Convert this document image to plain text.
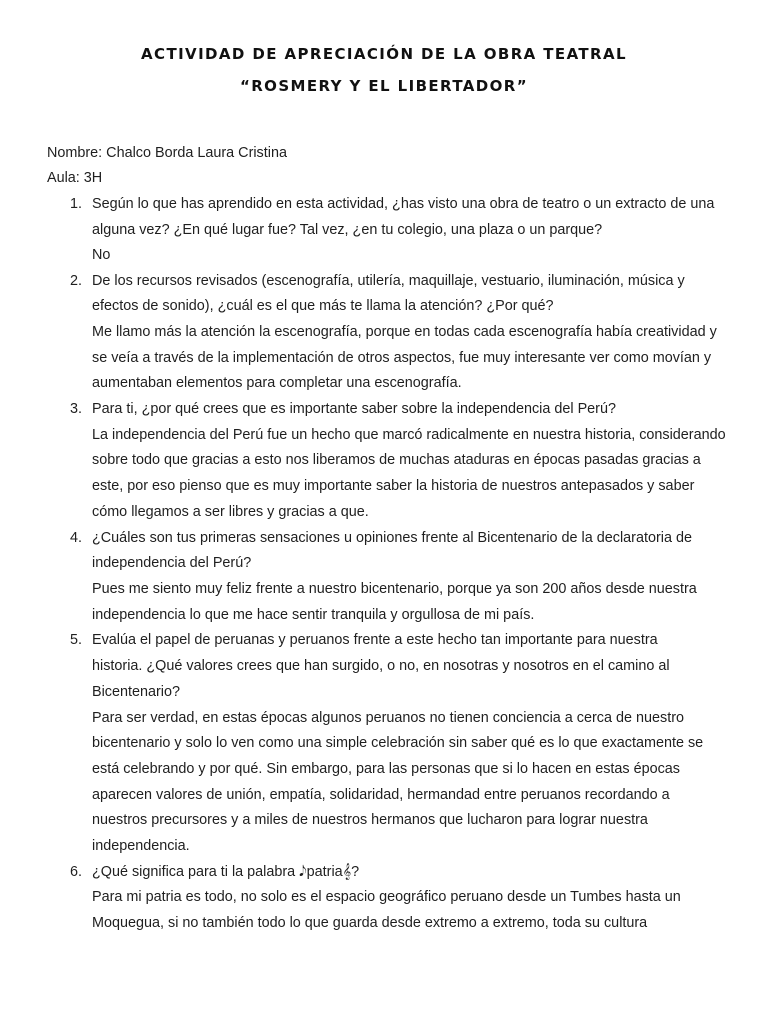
ACTIVIDAD DE APRECIACIÓN DE LA OBRA TEATRAL
“ROSMERY Y EL LIBERTADOR”
Nombre: Chalco Borda Laura Cristina
Aula: 3H
1. Según lo que has aprendido en esta actividad, ¿has visto una obra de teatro o un extracto de una
alguna vez? ¿En qué lugar fue? Tal vez, ¿en tu colegio, una plaza o un parque?
No
2. De los recursos revisados (escenografía, utilería, maquillaje, vestuario, iluminación, música y
efectos de sonido), ¿cuál es el que más te llama la atención? ¿Por qué?
Me llamo más la atención la escenografía, porque en todas cada escenografía había creatividad y
se veía a través de la implementación de otros aspectos, fue muy interesante ver como movían y
aumentaban elementos para completar una escenografía.
3. Para ti, ¿por qué crees que es importante saber sobre la independencia del Perú?
La independencia del Perú fue un hecho que marcó radicalmente en nuestra historia, considerando
sobre todo que gracias a esto nos liberamos de muchas ataduras en épocas pasadas gracias a
este, por eso pienso que es muy importante saber la historia de nuestros antepasados y saber
cómo llegamos a ser libres y gracias a que.
4. ¿Cuáles son tus primeras sensaciones u opiniones frente al Bicentenario de la declaratoria de
independencia del Perú?
Pues me siento muy feliz frente a nuestro bicentenario, porque ya son 200 años desde nuestra
independencia lo que me hace sentir tranquila y orgullosa de mi país.
5. Evalúa el papel de peruanas y peruanos frente a este hecho tan importante para nuestra
historia. ¿Qué valores crees que han surgido, o no, en nosotras y nosotros en el camino al
Bicentenario?
Para ser verdad, en estas épocas algunos peruanos no tienen conciencia a cerca de nuestro
bicentenario y solo lo ven como una simple celebración sin saber qué es lo que exactamente se
está celebrando y por qué. Sin embargo, para las personas que si lo hacen en estas épocas
aparecen valores de unión, empatía, solidaridad, hermandad entre peruanos recordando a
nuestros precursores y a miles de nuestros hermanos que lucharon para lograr nuestra
independencia.
6. ¿Qué significa para ti la palabra 𝅘𝅥𝅮patria𝄞?
Para mi patria es todo, no solo es el espacio geográfico peruano desde un Tumbes hasta un
Moquegua, si no también todo lo que guarda desde extremo a extremo, toda su cultura
